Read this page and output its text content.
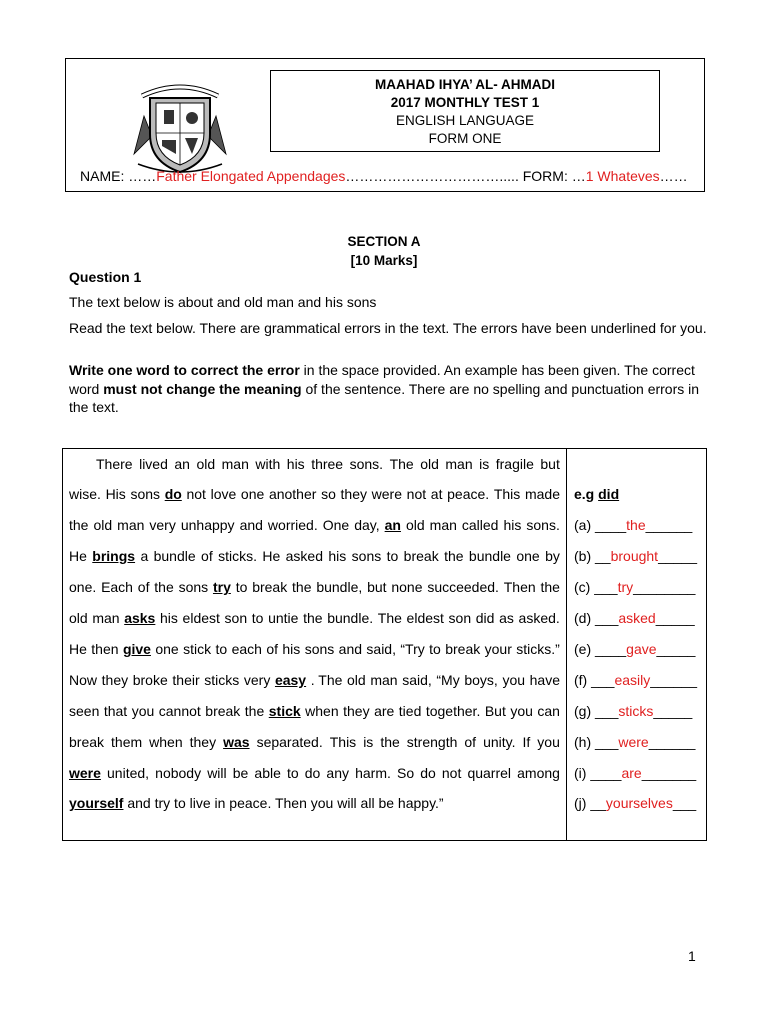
MAAHAD IHYA’ AL- AHMADI
2017 MONTHLY TEST 1
ENGLISH LANGUAGE
FORM ONE
NAME: ……Father Elongated Appendages……………………………..... FORM: …1 Whateves……
SECTION A
[10 Marks]
Question 1
The text below is about and old man and his sons
Read the text below. There are grammatical errors in the text. The errors have been underlined for you.
Write one word to correct the error in the space provided. An example has been given. The correct word must not change the meaning of the sentence. There are no spelling and punctuation errors in the text.
There lived an old man with his three sons. The old man is fragile but
wise. His sons do not love one another so they were not at peace. This made
the old man very unhappy and worried. One day, an old man called his sons.
He brings a bundle of sticks. He asked his sons to break the bundle one by
one. Each of the sons try to break the bundle, but none succeeded. Then the
old man asks his eldest son to untie the bundle. The eldest son did as asked.
He then give one stick to each of his sons and said, “Try to break your sticks.”
Now they broke their sticks very easy . The old man said, “My boys, you have
seen that you cannot break the stick when they are tied together. But you can
break them when they was separated. This is the strength of unity. If you
were united, nobody will be able to do any harm. So do not quarrel among
yourself and try to live in peace. Then you will all be happy.”
e.g did
(a) ____the______
(b) __brought_____
(c) ___try________
(d) ___asked_____
(e) ____gave_____
(f) ___easily______
(g) ___sticks_____
(h) ___were______
(i) ____are_______
(j) __yourselves___
1
